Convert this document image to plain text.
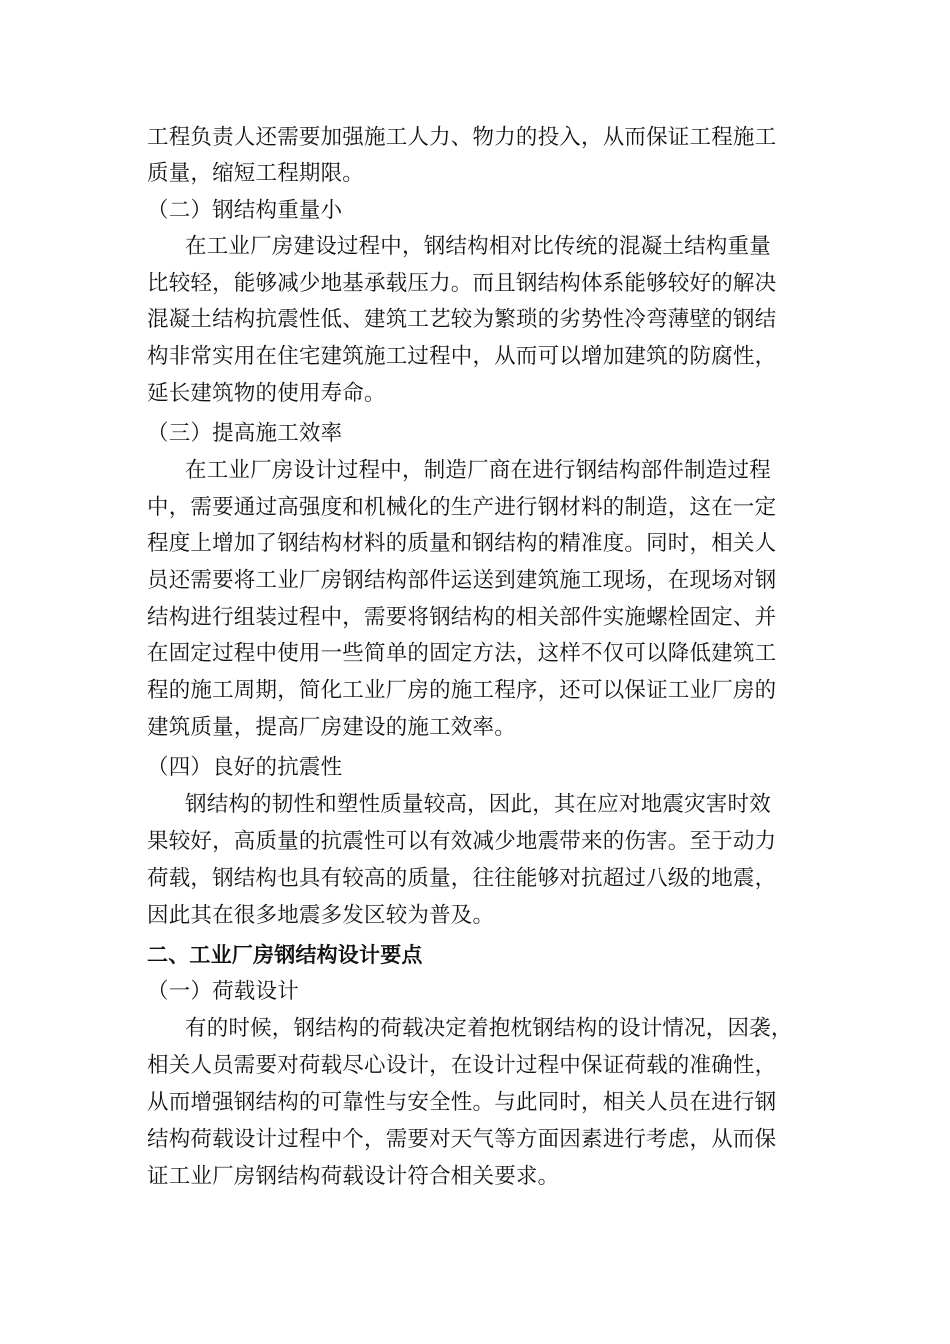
工程负责人还需要加强施工人力、物力的投入，从而保证工程施工
质量，缩短工程期限。
（二）钢结构重量小
在工业厂房建设过程中，钢结构相对比传统的混凝土结构重量
比较轻，能够减少地基承载压力。而且钢结构体系能够较好的解决
混凝土结构抗震性低、建筑工艺较为繁琐的劣势性冷弯薄壁的钢结
构非常实用在住宅建筑施工过程中，从而可以增加建筑的防腐性，
延长建筑物的使用寿命。
（三）提高施工效率
在工业厂房设计过程中，制造厂商在进行钢结构部件制造过程
中，需要通过高强度和机械化的生产进行钢材料的制造，这在一定
程度上增加了钢结构材料的质量和钢结构的精准度。同时，相关人
员还需要将工业厂房钢结构部件运送到建筑施工现场，在现场对钢
结构进行组装过程中，需要将钢结构的相关部件实施螺栓固定、并
在固定过程中使用一些简单的固定方法，这样不仅可以降低建筑工
程的施工周期，简化工业厂房的施工程序，还可以保证工业厂房的
建筑质量，提高厂房建设的施工效率。
（四）良好的抗震性
钢结构的韧性和塑性质量较高，因此，其在应对地震灾害时效
果较好，高质量的抗震性可以有效减少地震带来的伤害。至于动力
荷载，钢结构也具有较高的质量，往往能够对抗超过八级的地震，
因此其在很多地震多发区较为普及。
二、工业厂房钢结构设计要点
（一）荷载设计
有的时候，钢结构的荷载决定着抱枕钢结构的设计情况，因袭，
相关人员需要对荷载尽心设计，在设计过程中保证荷载的准确性，
从而增强钢结构的可靠性与安全性。与此同时，相关人员在进行钢
结构荷载设计过程中个，需要对天气等方面因素进行考虑，从而保
证工业厂房钢结构荷载设计符合相关要求。
